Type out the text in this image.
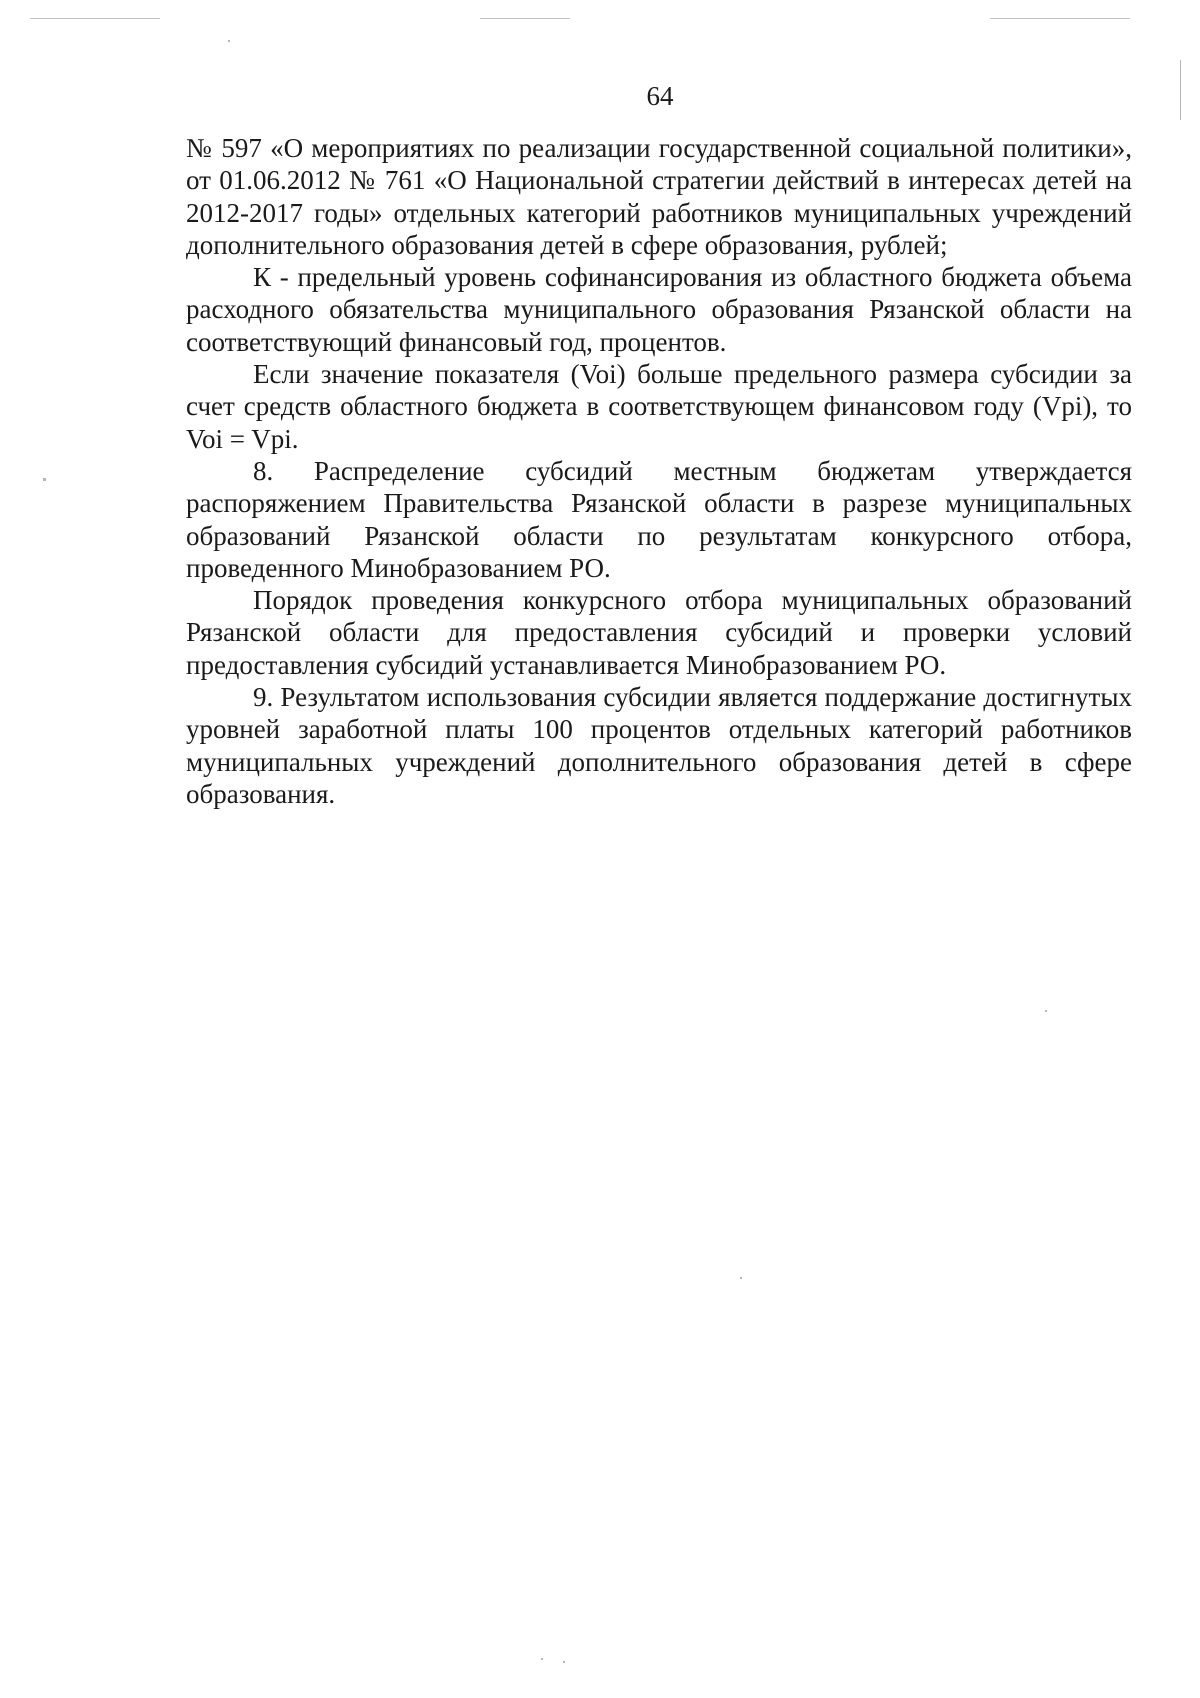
64

№ 597 «О мероприятиях по реализации государственной социальной политики», от 01.06.2012 № 761 «О Национальной стратегии действий в интересах детей на 2012-2017 годы» отдельных категорий работников муниципальных учреждений дополнительного образования детей в сфере образования, рублей;

К - предельный уровень софинансирования из областного бюджета объема расходного обязательства муниципального образования Рязанской области на соответствующий финансовый год, процентов.

Если значение показателя (Voi) больше предельного размера субсидии за счет средств областного бюджета в соответствующем финансовом году (Vpi), то Voi = Vpi.

8. Распределение субсидий местным бюджетам утверждается распоряжением Правительства Рязанской области в разрезе муниципальных образований Рязанской области по результатам конкурсного отбора, проведенного Минобразованием РО.

Порядок проведения конкурсного отбора муниципальных образований Рязанской области для предоставления субсидий и проверки условий предоставления субсидий устанавливается Минобразованием РО.

9. Результатом использования субсидии является поддержание достигнутых уровней заработной платы 100 процентов отдельных категорий работников муниципальных учреждений дополнительного образования детей в сфере образования.
